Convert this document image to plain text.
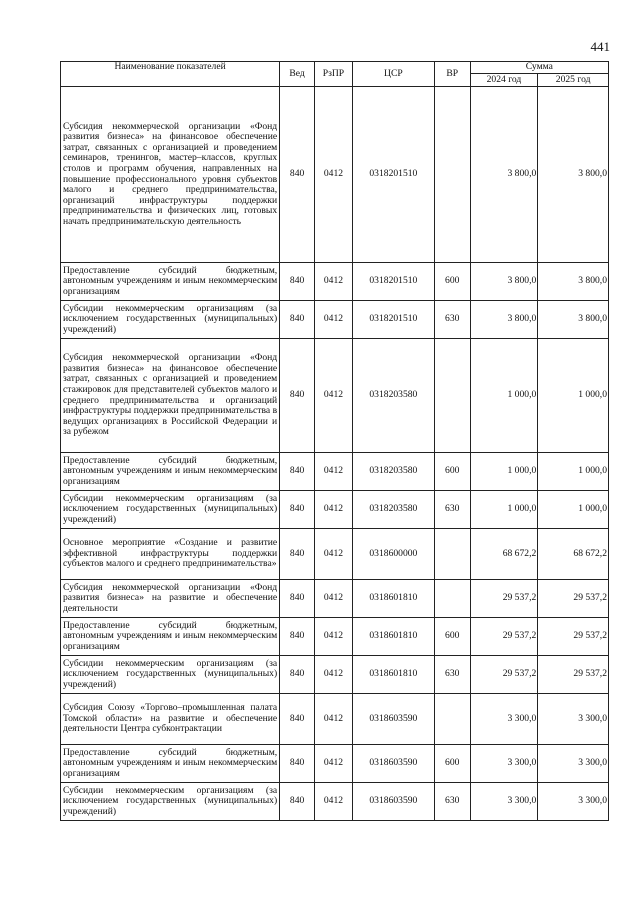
441
Наименование показателей	Вед	РзПР	ЦСР	ВР	Сумма	
					2024 год	2025 год
Субсидия некоммерческой организации «Фонд развития бизнеса» на финансовое обеспечение затрат, связанных с организацией и проведением семинаров, тренингов, мастер–классов, круглых столов и программ обучения, направленных на повышение профессионального уровня субъектов малого и среднего предпринимательства, организаций инфраструктуры поддержки предпринимательства и физических лиц, готовых начать предпринимательскую деятельность	840	0412	0318201510		3 800,0	3 800,0
Предоставление субсидий бюджетным, автономным учреждениям и иным некоммерческим организациям	840	0412	0318201510	600	3 800,0	3 800,0
Субсидии некоммерческим организациям (за исключением государственных (муниципальных) учреждений)	840	0412	0318201510	630	3 800,0	3 800,0
Субсидия некоммерческой организации «Фонд развития бизнеса» на финансовое обеспечение затрат, связанных с организацией и проведением стажировок для представителей субъектов малого и среднего предпринимательства и организаций инфраструктуры поддержки предпринимательства в ведущих организациях в Российской Федерации и за рубежом	840	0412	0318203580		1 000,0	1 000,0
Предоставление субсидий бюджетным, автономным учреждениям и иным некоммерческим организациям	840	0412	0318203580	600	1 000,0	1 000,0
Субсидии некоммерческим организациям (за исключением государственных (муниципальных) учреждений)	840	0412	0318203580	630	1 000,0	1 000,0
Основное мероприятие «Создание и развитие эффективной инфраструктуры поддержки субъектов малого и среднего предпринимательства»	840	0412	0318600000		68 672,2	68 672,2
Субсидия некоммерческой организации «Фонд развития бизнеса» на развитие и обеспечение деятельности	840	0412	0318601810		29 537,2	29 537,2
Предоставление субсидий бюджетным, автономным учреждениям и иным некоммерческим организациям	840	0412	0318601810	600	29 537,2	29 537,2
Субсидии некоммерческим организациям (за исключением государственных (муниципальных) учреждений)	840	0412	0318601810	630	29 537,2	29 537,2
Субсидия Союзу «Торгово–промышленная палата Томской области» на развитие и обеспечение деятельности Центра субконтрактации	840	0412	0318603590		3 300,0	3 300,0
Предоставление субсидий бюджетным, автономным учреждениям и иным некоммерческим организациям	840	0412	0318603590	600	3 300,0	3 300,0
Субсидии некоммерческим организациям (за исключением государственных (муниципальных) учреждений)	840	0412	0318603590	630	3 300,0	3 300,0
